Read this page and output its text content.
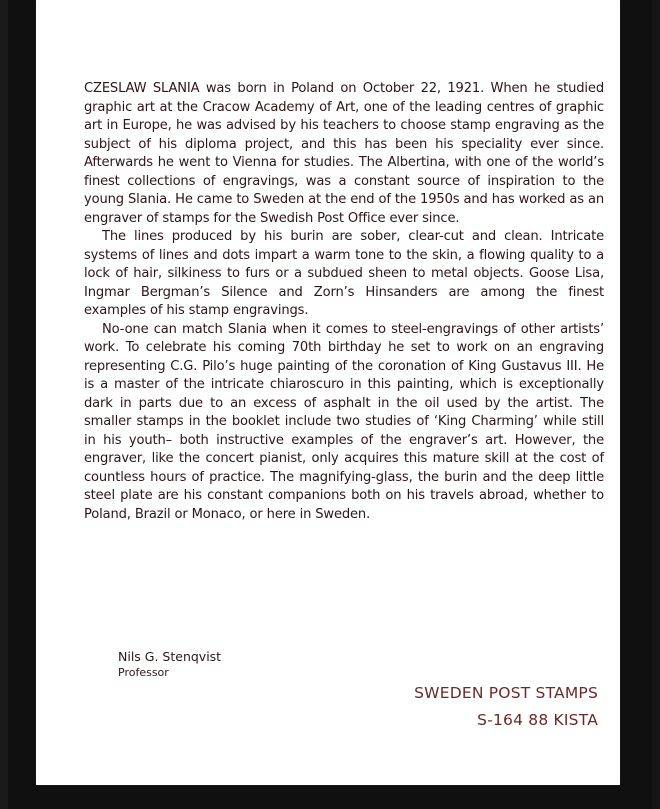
CZESLAW SLANIA was born in Poland on October 22, 1921. When he studied graphic art at the Cracow Academy of Art, one of the leading centres of graphic art in Europe, he was advised by his teachers to choose stamp engraving as the subject of his diploma project, and this has been his speciality ever since. Afterwards he went to Vienna for studies. The Albertina, with one of the world’s finest collections of engravings, was a constant source of inspiration to the young Slania. He came to Sweden at the end of the 1950s and has worked as an engraver of stamps for the Swedish Post Office ever since.

The lines produced by his burin are sober, clear-cut and clean. Intricate systems of lines and dots impart a warm tone to the skin, a flowing quality to a lock of hair, silkiness to furs or a subdued sheen to metal objects. Goose Lisa, Ingmar Bergman’s Silence and Zorn’s Hinsanders are among the finest examples of his stamp engravings.

No-one can match Slania when it comes to steel-engravings of other artists’ work. To celebrate his coming 70th birthday he set to work on an engraving representing C.G. Pilo’s huge painting of the coronation of King Gustavus III. He is a master of the intricate chiaroscuro in this painting, which is exceptionally dark in parts due to an excess of asphalt in the oil used by the artist. The smaller stamps in the booklet include two studies of ‘King Charming’ while still in his youth– both instructive examples of the engraver’s art. However, the engraver, like the concert pianist, only acquires this mature skill at the cost of countless hours of practice. The magnifying-glass, the burin and the deep little steel plate are his constant companions both on his travels abroad, whether to Poland, Brazil or Monaco, or here in Sweden.

Nils G. Stenqvist
Professor
SWEDEN POST STAMPS
S-164 88 KISTA
